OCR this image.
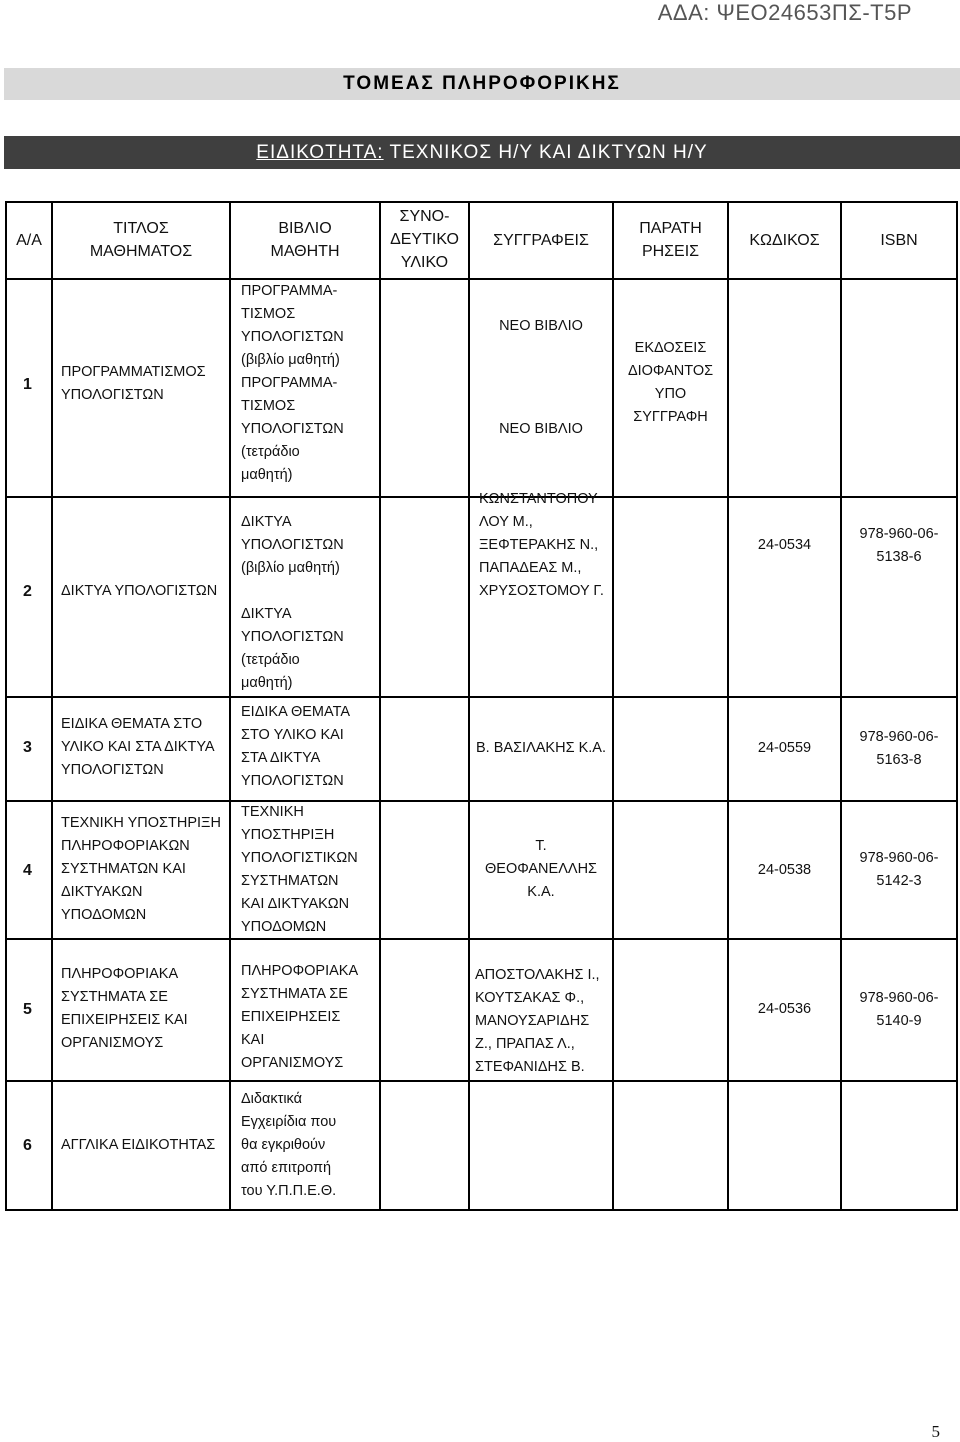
ΑΔΑ: ΨΕΟ24653ΠΣ-Τ5Ρ
ΤΟΜΕΑΣ ΠΛΗΡΟΦΟΡΙΚΗΣ
ΕΙΔΙΚΟΤΗΤΑ: ΤΕΧΝΙΚΟΣ Η/Υ ΚΑΙ ΔΙΚΤΥΩΝ Η/Υ
Α/Α
ΤΙΤΛΟΣ
ΜΑΘΗΜΑΤΟΣ
ΒΙΒΛΙΟ
ΜΑΘΗΤΗ
ΣΥΝΟ-
ΔΕΥΤΙΚΟ
ΥΛΙΚΟ
ΣΥΓΓΡΑΦΕΙΣ
ΠΑΡΑΤΗ
ΡΗΣΕΙΣ
ΚΩΔΙΚΟΣ	ISBN
1
ΠΡΟΓΡΑΜΜΑΤΙΣΜΟΣ
ΥΠΟΛΟΓΙΣΤΩΝ
ΠΡΟΓΡΑΜΜΑ-
ΤΙΣΜΟΣ
ΥΠΟΛΟΓΙΣΤΩΝ
(βιβλίο μαθητή)
ΠΡΟΓΡΑΜΜΑ-
ΤΙΣΜΟΣ
ΥΠΟΛΟΓΙΣΤΩΝ
(τετράδιο
μαθητή)
ΝΕΟ ΒΙΒΛΙΟ
ΝΕΟ ΒΙΒΛΙΟ
ΕΚΔΟΣΕΙΣ
ΔΙΟΦΑΝΤΟΣ
ΥΠΟ
ΣΥΓΓΡΑΦΗ
2 ΔΙΚΤΥΑ ΥΠΟΛΟΓΙΣΤΩΝ
ΔΙΚΤΥΑ
ΥΠΟΛΟΓΙΣΤΩΝ
(βιβλίο μαθητή)
ΔΙΚΤΥΑ
ΥΠΟΛΟΓΙΣΤΩΝ
(τετράδιο
μαθητή)
ΚΩΝΣΤΑΝΤΟΠΟΥ
ΛΟΥ Μ.,
ΞΕΦΤΕΡΑΚΗΣ Ν.,
ΠΑΠΑΔΕΑΣ Μ.,
ΧΡΥΣΟΣΤΟΜΟΥ Γ.
24-0534
978-960-06-
5138-6
3
ΕΙΔΙΚΑ ΘΕΜΑΤΑ ΣΤΟ
ΥΛΙΚΟ ΚΑΙ ΣΤΑ ΔΙΚΤΥΑ
ΥΠΟΛΟΓΙΣΤΩΝ
ΕΙΔΙΚΑ ΘΕΜΑΤΑ
ΣΤΟ ΥΛΙΚΟ ΚΑΙ
ΣΤΑ ΔΙΚΤΥΑ
ΥΠΟΛΟΓΙΣΤΩΝ
Β. ΒΑΣΙΛΑΚΗΣ Κ.Α.	24-0559
978-960-06-
5163-8
4
ΤΕΧΝΙΚΗ ΥΠΟΣΤΗΡΙΞΗ
ΠΛΗΡΟΦΟΡΙΑΚΩΝ
ΣΥΣΤΗΜΑΤΩΝ ΚΑΙ
ΔΙΚΤΥΑΚΩΝ
ΥΠΟΔΟΜΩΝ
ΤΕΧΝΙΚΗ
ΥΠΟΣΤΗΡΙΞΗ
ΥΠΟΛΟΓΙΣΤΙΚΩΝ
ΣΥΣΤΗΜΑΤΩΝ
ΚΑΙ ΔΙΚΤΥΑΚΩΝ
ΥΠΟΔΟΜΩΝ
Τ.
ΘΕΟΦΑΝΕΛΛΗΣ
Κ.Α.
24-0538
978-960-06-
5142-3
5
ΠΛΗΡΟΦΟΡΙΑΚΑ
ΣΥΣΤΗΜΑΤΑ ΣΕ
ΕΠΙΧΕΙΡΗΣΕΙΣ ΚΑΙ
ΟΡΓΑΝΙΣΜΟΥΣ
ΠΛΗΡΟΦΟΡΙΑΚΑ
ΣΥΣΤΗΜΑΤΑ ΣΕ
ΕΠΙΧΕΙΡΗΣΕΙΣ
ΚΑΙ
ΟΡΓΑΝΙΣΜΟΥΣ
ΑΠΟΣΤΟΛΑΚΗΣ Ι.,
ΚΟΥΤΣΑΚΑΣ Φ.,
ΜΑΝΟΥΣΑΡΙΔΗΣ
Ζ., ΠΡΑΠΑΣ Λ.,
ΣΤΕΦΑΝΙΔΗΣ Β.
24-0536
978-960-06-
5140-9
6 ΑΓΓΛΙΚΑ ΕΙΔΙΚΟΤΗΤΑΣ
Διδακτικά
Εγχειρίδια που
θα εγκριθούν
από επιτροπή
του Υ.Π.Π.Ε.Θ.
5
